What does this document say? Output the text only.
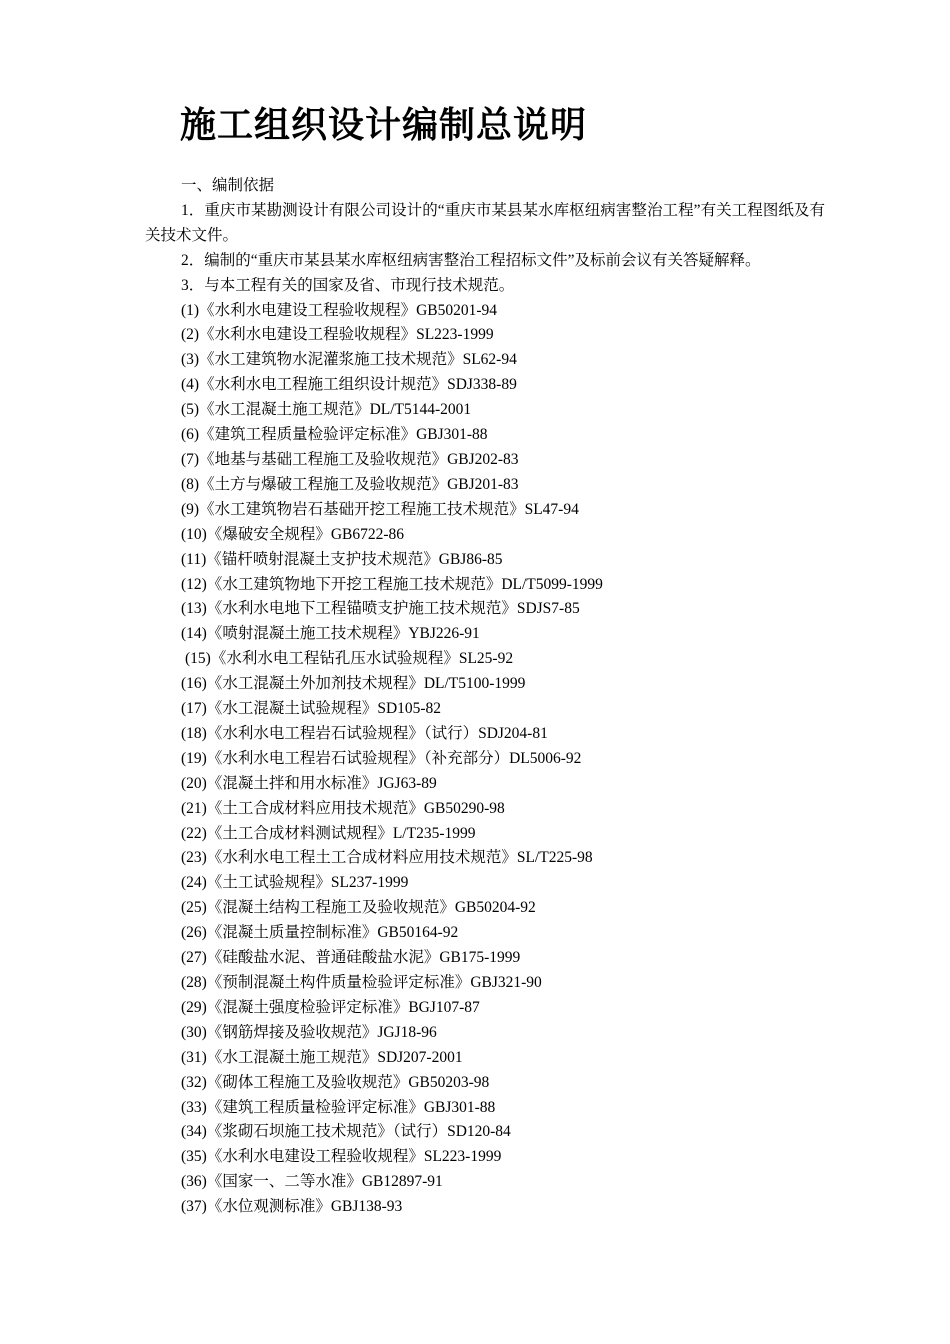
施工组织设计编制总说明
一、编制依据
1．重庆市某勘测设计有限公司设计的“重庆市某县某水库枢纽病害整治工程”有关工程图纸及有关技术文件。
2．编制的“重庆市某县某水库枢纽病害整治工程招标文件”及标前会议有关答疑解释。
3．与本工程有关的国家及省、市现行技术规范。
(1)《水利水电建设工程验收规程》GB50201-94
(2)《水利水电建设工程验收规程》SL223-1999
(3)《水工建筑物水泥灌浆施工技术规范》SL62-94
(4)《水利水电工程施工组织设计规范》SDJ338-89
(5)《水工混凝土施工规范》DL/T5144-2001
(6)《建筑工程质量检验评定标准》GBJ301-88
(7)《地基与基础工程施工及验收规范》GBJ202-83
(8)《土方与爆破工程施工及验收规范》GBJ201-83
(9)《水工建筑物岩石基础开挖工程施工技术规范》SL47-94
(10)《爆破安全规程》GB6722-86
(11)《锚杆喷射混凝土支护技术规范》GBJ86-85
(12)《水工建筑物地下开挖工程施工技术规范》DL/T5099-1999
(13)《水利水电地下工程锚喷支护施工技术规范》SDJS7-85
(14)《喷射混凝土施工技术规程》YBJ226-91
(15)《水利水电工程钻孔压水试验规程》SL25-92
(16)《水工混凝土外加剂技术规程》DL/T5100-1999
(17)《水工混凝土试验规程》SD105-82
(18)《水利水电工程岩石试验规程》（试行）SDJ204-81
(19)《水利水电工程岩石试验规程》（补充部分）DL5006-92
(20)《混凝土拌和用水标准》JGJ63-89
(21)《土工合成材料应用技术规范》GB50290-98
(22)《土工合成材料测试规程》L/T235-1999
(23)《水利水电工程土工合成材料应用技术规范》SL/T225-98
(24)《土工试验规程》SL237-1999
(25)《混凝土结构工程施工及验收规范》GB50204-92
(26)《混凝土质量控制标准》GB50164-92
(27)《硅酸盐水泥、普通硅酸盐水泥》GB175-1999
(28)《预制混凝土构件质量检验评定标准》GBJ321-90
(29)《混凝土强度检验评定标准》BGJ107-87
(30)《钢筋焊接及验收规范》JGJ18-96
(31)《水工混凝土施工规范》SDJ207-2001
(32)《砌体工程施工及验收规范》GB50203-98
(33)《建筑工程质量检验评定标准》GBJ301-88
(34)《浆砌石坝施工技术规范》（试行）SD120-84
(35)《水利水电建设工程验收规程》SL223-1999
(36)《国家一、二等水准》GB12897-91
(37)《水位观测标准》GBJ138-93
